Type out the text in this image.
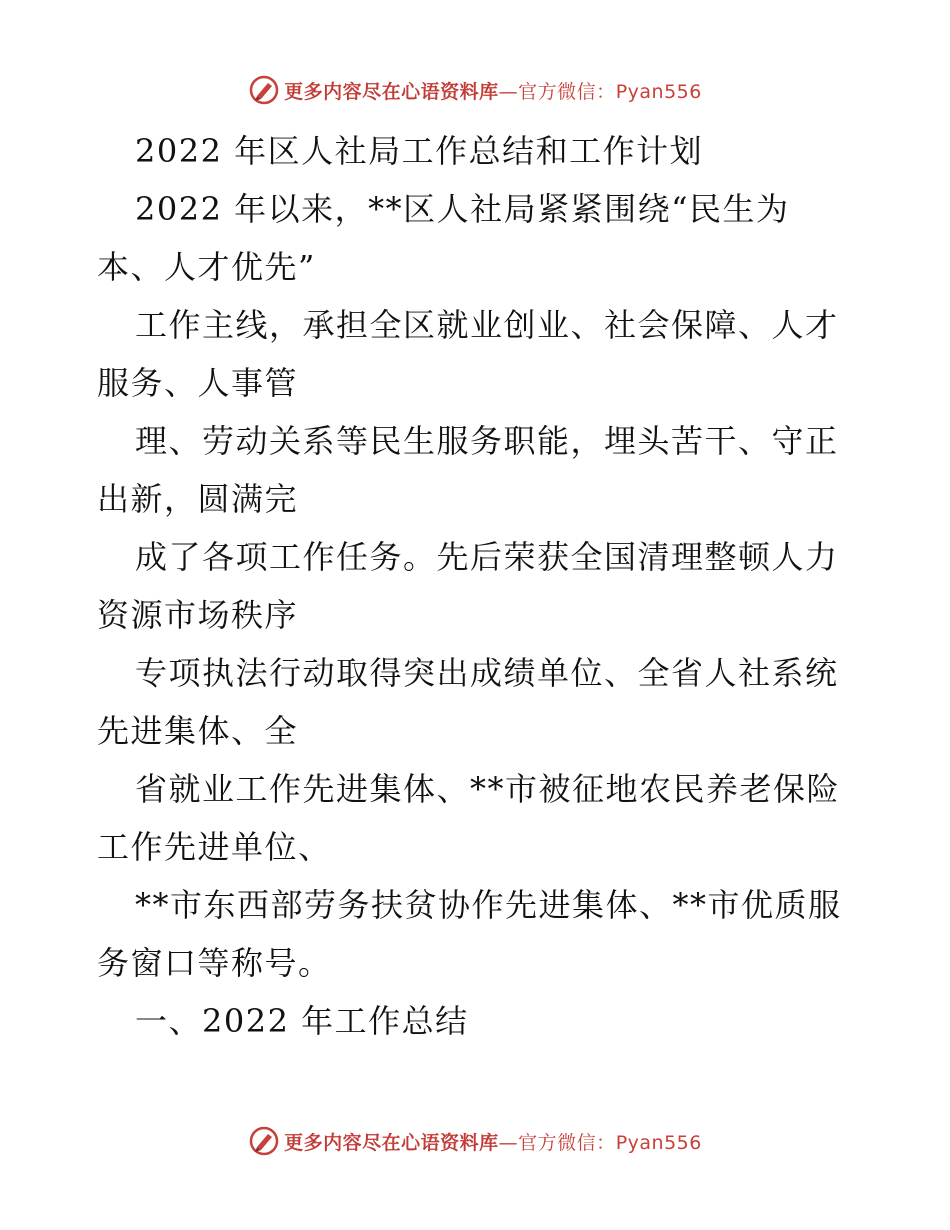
更多内容尽在心语资料库—官方微信：Pyan556
2022 年区人社局工作总结和工作计划
2022 年以来，**区人社局紧紧围绕“民生为
本、人才优先”
工作主线，承担全区就业创业、社会保障、人才
服务、人事管
理、劳动关系等民生服务职能，埋头苦干、守正
出新，圆满完
成了各项工作任务。先后荣获全国清理整顿人力
资源市场秩序
专项执法行动取得突出成绩单位、全省人社系统
先进集体、全
省就业工作先进集体、**市被征地农民养老保险
工作先进单位、
**市东西部劳务扶贫协作先进集体、**市优质服
务窗口等称号。
一、2022 年工作总结
更多内容尽在心语资料库—官方微信：Pyan556
